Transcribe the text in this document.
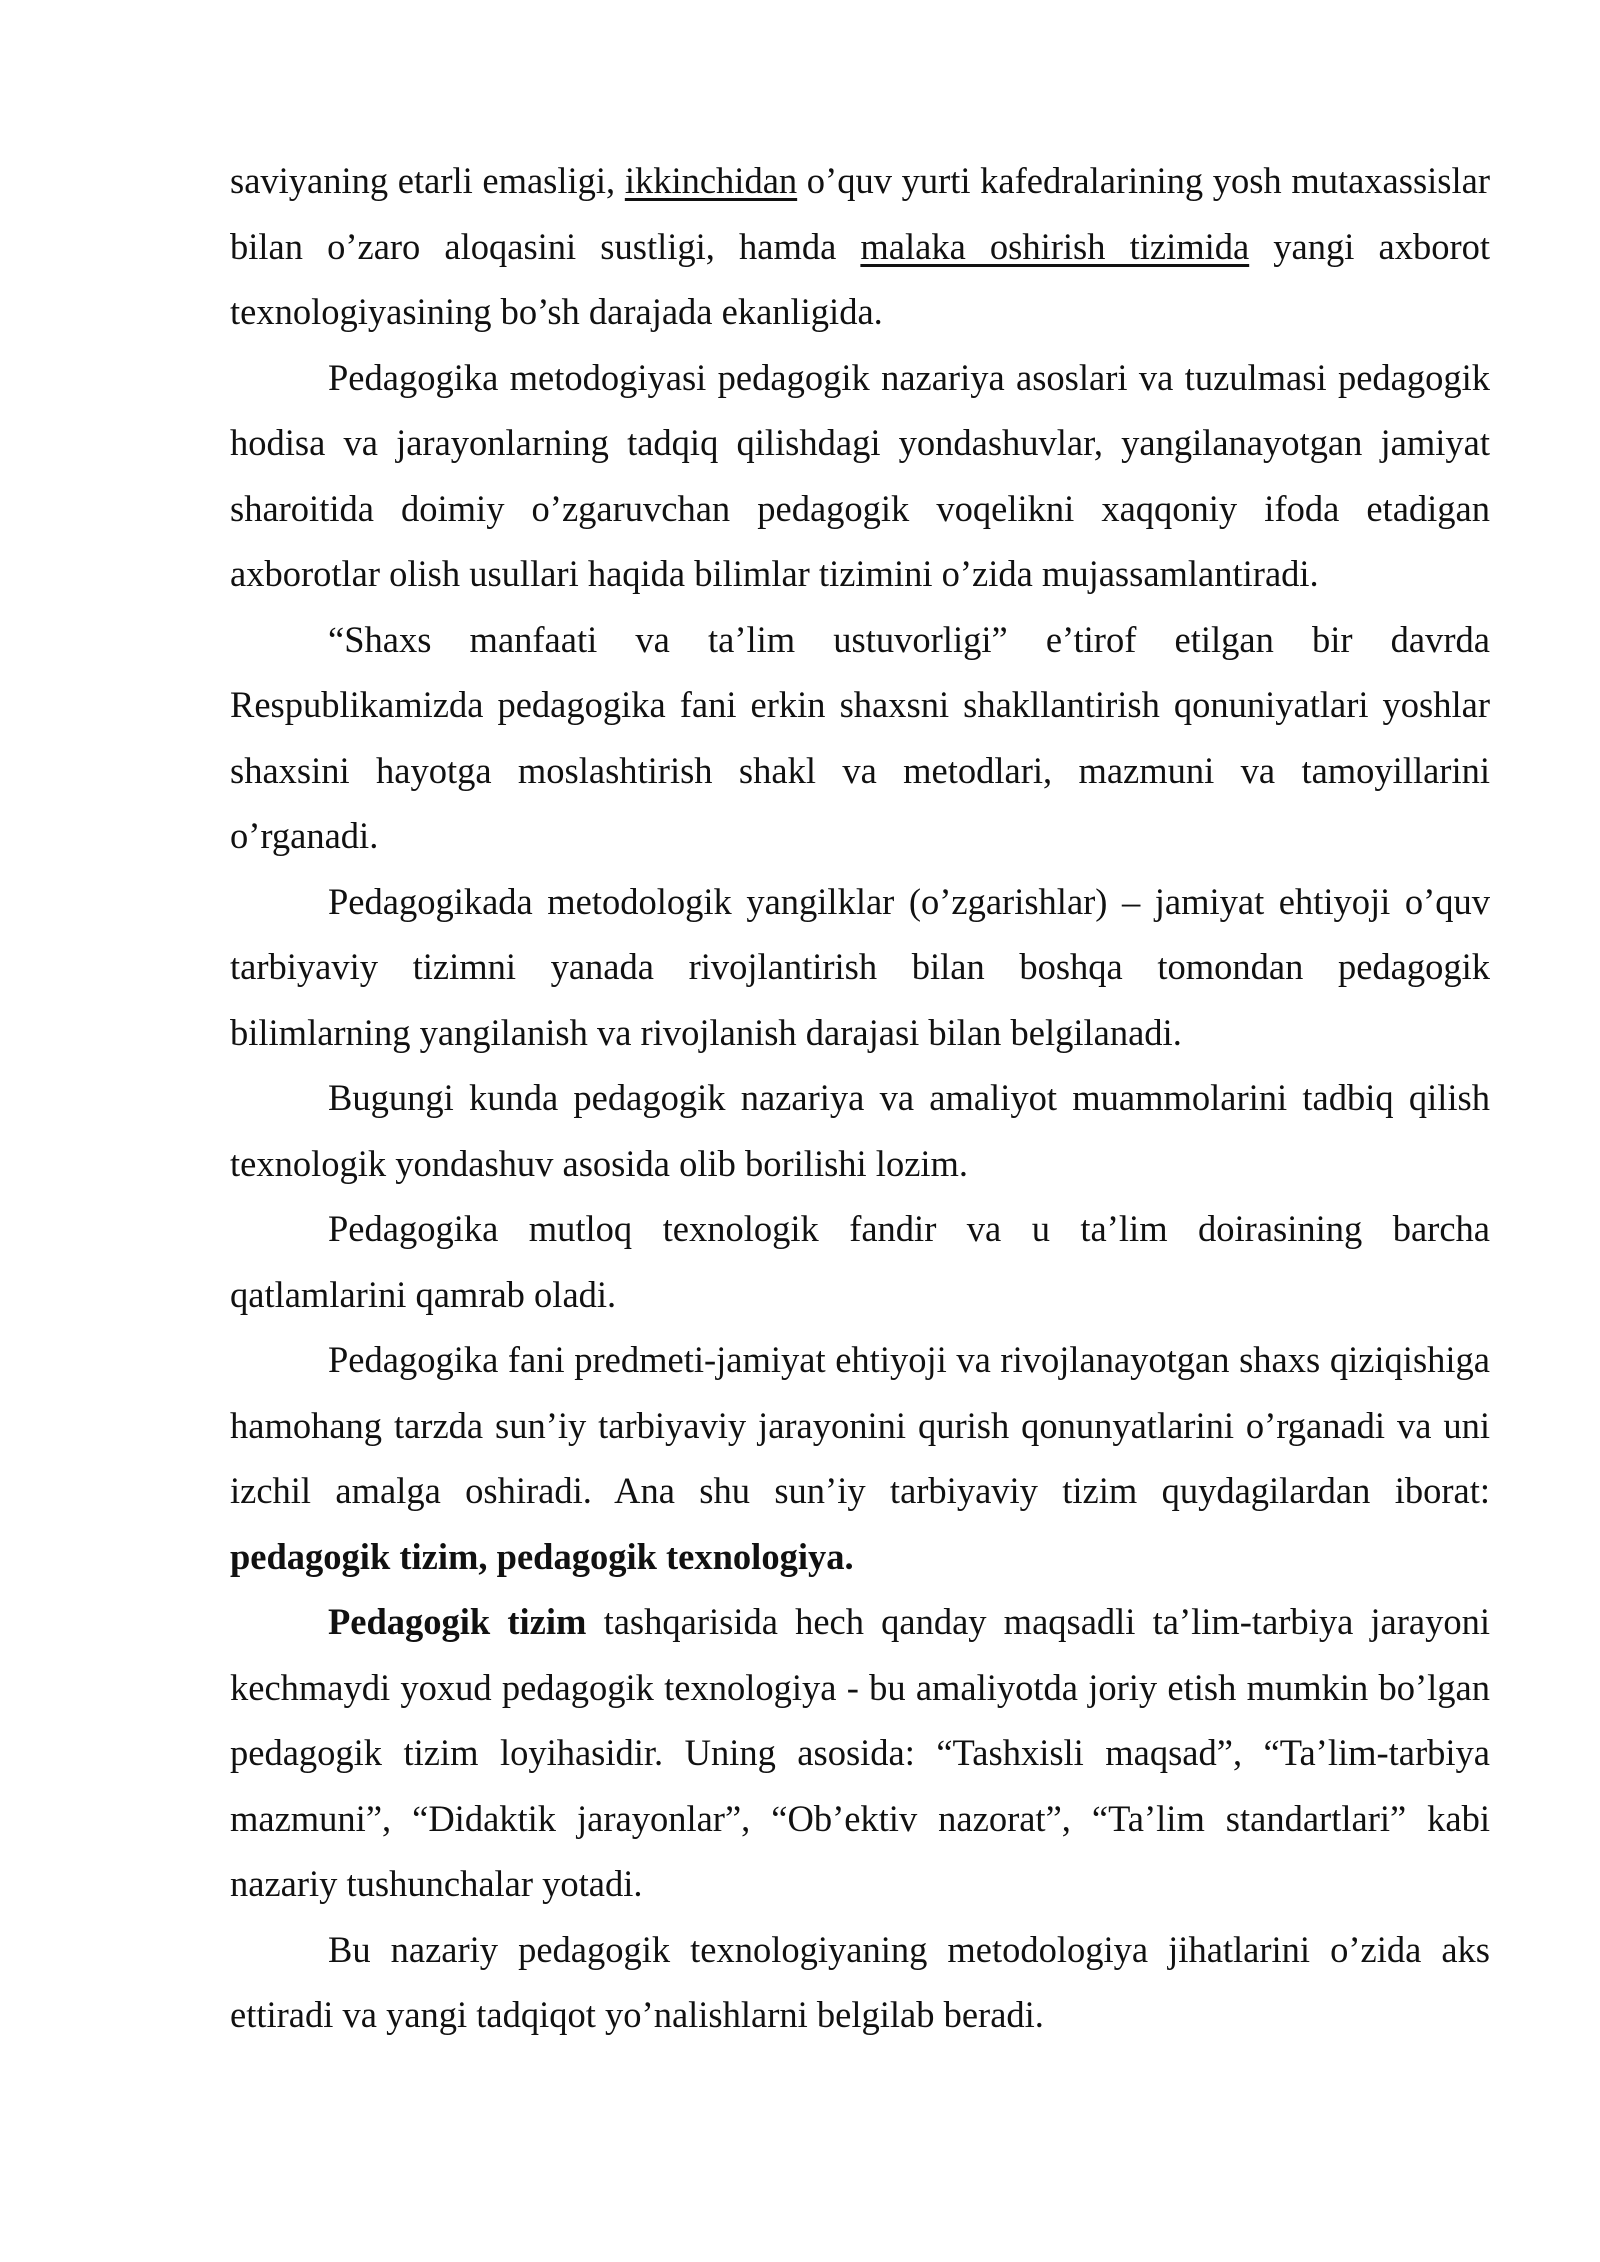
saviyaning etarli emasligi, ikkinchidan o’quv yurti kafedralarining yosh mutaxassislar bilan o’zaro aloqasini sustligi, hamda malaka oshirish tizimida yangi axborot texnologiyasining bo’sh darajada ekanligida.

Pedagogika metodogiyasi pedagogik nazariya asoslari va tuzulmasi pedagogik hodisa va jarayonlarning tadqiq qilishdagi yondashuvlar, yangilanayotgan jamiyat sharoitida doimiy o’zgaruvchan pedagogik voqelikni xaqqoniy ifoda etadigan axborotlar olish usullari haqida bilimlar tizimini o’zida mujassamlantiradi.

“Shaxs manfaati va ta’lim ustuvorligi” e’tirof etilgan bir davrda Respublikamizda pedagogika fani erkin shaxsni shakllantirish qonuniyatlari yoshlar shaxsini hayotga moslashtirish shakl va metodlari, mazmuni va tamoyillarini o’rganadi.

Pedagogikada metodologik yangilklar (o’zgarishlar) – jamiyat ehtiyoji o’quv tarbiyaviy tizimni yanada rivojlantirish bilan boshqa tomondan pedagogik bilimlarning yangilanish va rivojlanish darajasi bilan belgilanadi.

Bugungi kunda pedagogik nazariya va amaliyot muammolarini tadbiq qilish texnologik yondashuv asosida olib borilishi lozim.

Pedagogika mutloq texnologik fandir va u ta’lim doirasining barcha qatlamlarini qamrab oladi.

Pedagogika fani predmeti-jamiyat ehtiyoji va rivojlanayotgan shaxs qiziqishiga hamohang tarzda sun’iy tarbiyaviy jarayonini qurish qonunyatlarini o’rganadi va uni izchil amalga oshiradi. Ana shu sun’iy tarbiyaviy tizim quydagilardan iborat: pedagogik tizim, pedagogik texnologiya.

Pedagogik tizim tashqarisida hech qanday maqsadli ta’lim-tarbiya jarayoni kechmaydi yoxud pedagogik texnologiya - bu amaliyotda joriy etish mumkin bo’lgan pedagogik tizim loyihasidir. Uning asosida: “Tashxisli maqsad”, “Ta’lim-tarbiya mazmuni”, “Didaktik jarayonlar”, “Ob’ektiv nazorat”, “Ta’lim standartlari” kabi nazariy tushunchalar yotadi.

Bu nazariy pedagogik texnologiyaning metodologiya jihatlarini o’zida aks ettiradi va yangi tadqiqot yo’nalishlarni belgilab beradi.
